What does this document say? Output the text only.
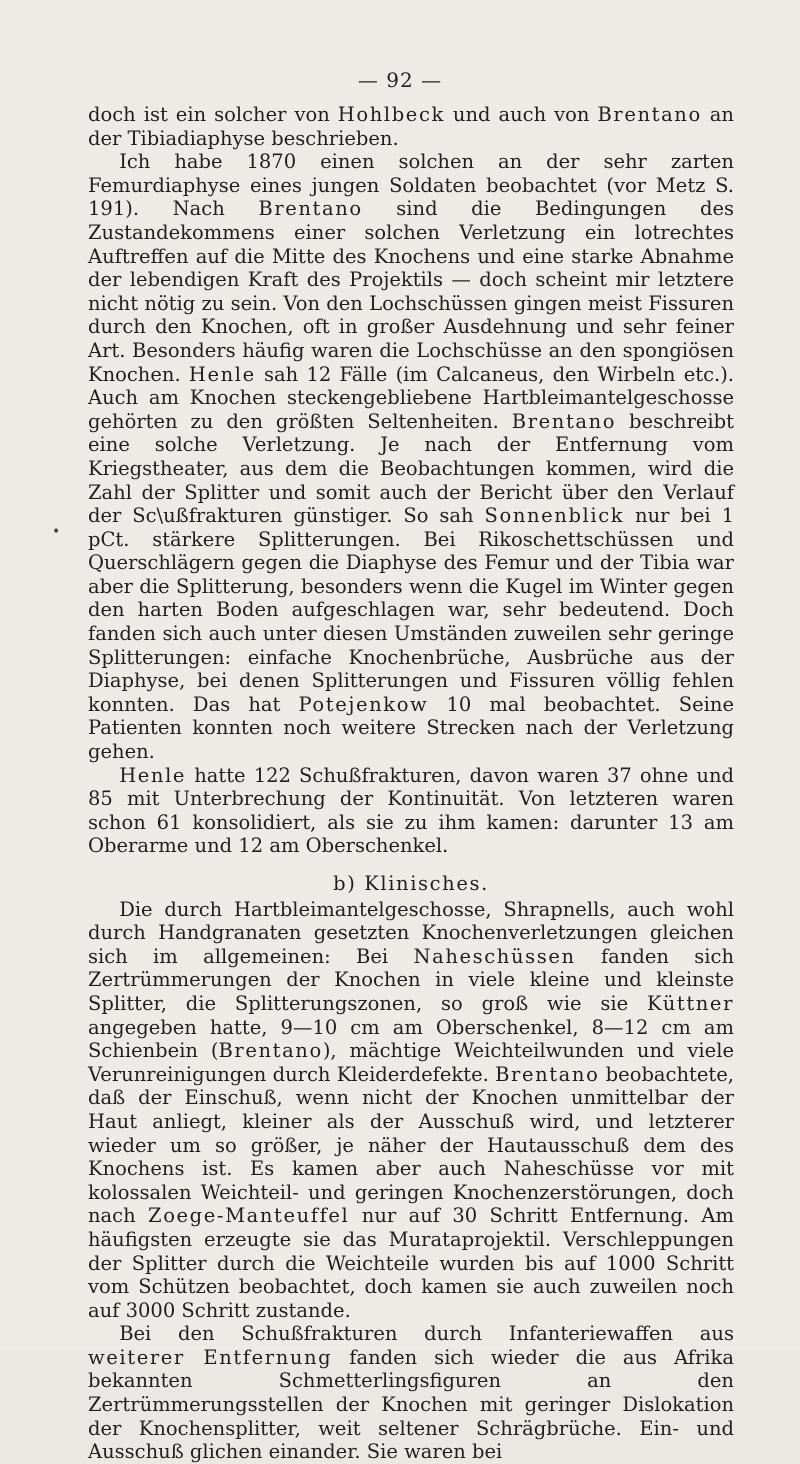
— 92 —
•

doch ist ein solcher von Hohlbeck und auch von Brentano an der Tibiadiaphyse beschrieben.

Ich habe 1870 einen solchen an der sehr zarten Femurdiaphyse eines jungen Soldaten beobachtet (vor Metz S. 191). Nach Brentano sind die Bedingungen des Zustandekommens einer solchen Verletzung ein lotrechtes Auftreffen auf die Mitte des Knochens und eine starke Abnahme der lebendigen Kraft des Projektils — doch scheint mir letztere nicht nötig zu sein. Von den Lochschüssen gingen meist Fissuren durch den Knochen, oft in großer Ausdehnung und sehr feiner Art. Besonders häufig waren die Lochschüsse an den spongiösen Knochen. Henle sah 12 Fälle (im Calcaneus, den Wirbeln etc.). Auch am Knochen steckengebliebene Hartbleimantelgeschosse gehörten zu den größten Seltenheiten. Brentano beschreibt eine solche Verletzung. Je nach der Entfernung vom Kriegstheater, aus dem die Beobachtungen kommen, wird die Zahl der Splitter und somit auch der Bericht über den Verlauf der Sc\ußfrakturen günstiger. So sah Sonnenblick nur bei 1 pCt. stärkere Splitterungen. Bei Rikoschettschüssen und Querschlägern gegen die Diaphyse des Femur und der Tibia war aber die Splitterung, besonders wenn die Kugel im Winter gegen den harten Boden aufgeschlagen war, sehr bedeutend. Doch fanden sich auch unter diesen Umständen zuweilen sehr geringe Splitterungen: einfache Knochenbrüche, Ausbrüche aus der Diaphyse, bei denen Splitterungen und Fissuren völlig fehlen konnten. Das hat Potejenkow 10 mal beobachtet. Seine Patienten konnten noch weitere Strecken nach der Verletzung gehen.

Henle hatte 122 Schußfrakturen, davon waren 37 ohne und 85 mit Unterbrechung der Kontinuität. Von letzteren waren schon 61 konsolidiert, als sie zu ihm kamen: darunter 13 am Oberarme und 12 am Oberschenkel.

b) Klinisches.

Die durch Hartbleimantelgeschosse, Shrapnells, auch wohl durch Handgranaten gesetzten Knochenverletzungen gleichen sich im allgemeinen: Bei Naheschüssen fanden sich Zertrümmerungen der Knochen in viele kleine und kleinste Splitter, die Splitterungszonen, so groß wie sie Küttner angegeben hatte, 9—10 cm am Oberschenkel, 8—12 cm am Schienbein (Brentano), mächtige Weichteilwunden und viele Verunreinigungen durch Kleiderdefekte. Brentano beobachtete, daß der Einschuß, wenn nicht der Knochen unmittelbar der Haut anliegt, kleiner als der Ausschuß wird, und letzterer wieder um so größer, je näher der Hautausschuß dem des Knochens ist. Es kamen aber auch Naheschüsse vor mit kolossalen Weichteil- und geringen Knochenzerstörungen, doch nach Zoege-Manteuffel nur auf 30 Schritt Entfernung. Am häufigsten erzeugte sie das Murataprojektil. Verschleppungen der Splitter durch die Weichteile wurden bis auf 1000 Schritt vom Schützen beobachtet, doch kamen sie auch zuweilen noch auf 3000 Schritt zustande.

Bei den Schußfrakturen durch Infanteriewaffen aus weiterer Entfernung fanden sich wieder die aus Afrika bekannten Schmetterlingsfiguren an den Zertrümmerungsstellen der Knochen mit geringer Dislokation der Knochensplitter, weit seltener Schrägbrüche. Ein- und Ausschuß glichen einander. Sie waren bei
